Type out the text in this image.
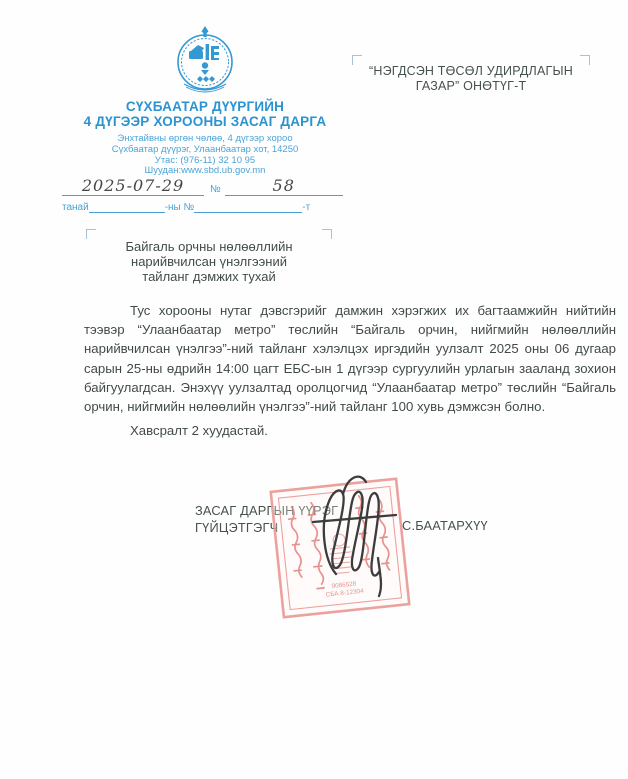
СҮХБААТАР ДҮҮРГИЙН
4 ДҮГЭЭР ХОРООНЫ ЗАСАГ ДАРГА
Энхтайвны өргөн чөлөө, 4 дүгээр хороо
Сүхбаатар дүүрэг, Улаанбаатар хот, 14250
Утас: (976-11) 32 10 95
Шуудан:www.sbd.ub.gov.mn
2025-07-29	№	58
танай	-ны №	-т
“НЭГДСЭН ТӨСӨЛ УДИРДЛАГЫН
ГАЗАР” ОНӨТҮГ-Т
Байгаль орчны нөлөөллийн
нарийвчилсан үнэлгээний
тайланг дэмжих тухай

Тус хорооны нутаг дэвсгэрийг дамжин хэрэгжих их багтаамжийн нийтийн тээвэр “Улаанбаатар метро” төслийн “Байгаль орчин, нийгмийн нөлөөллийн нарийвчилсан үнэлгээ”-ний тайланг хэлэлцэх иргэдийн уулзалт 2025 оны 06 дугаар сарын 25-ны өдрийн 14:00 цагт ЕБС-ын 1 дүгээр сургуулийн урлагын зааланд зохион байгуулагдсан. Энэхүү уулзалтад оролцогчид “Улаанбаатар метро” төслийн “Байгаль орчин, нийгмийн нөлөөлийн үнэлгээ”-ний тайланг 100 хувь дэмжсэн болно.

Хавсралт 2 хуудастай.

ЗАСАГ ДАРГЫН ҮҮРЭГ
ГҮЙЦЭТГЭГЧ	С.БААТАРХҮҮ
9086528
СБА 8-12304
